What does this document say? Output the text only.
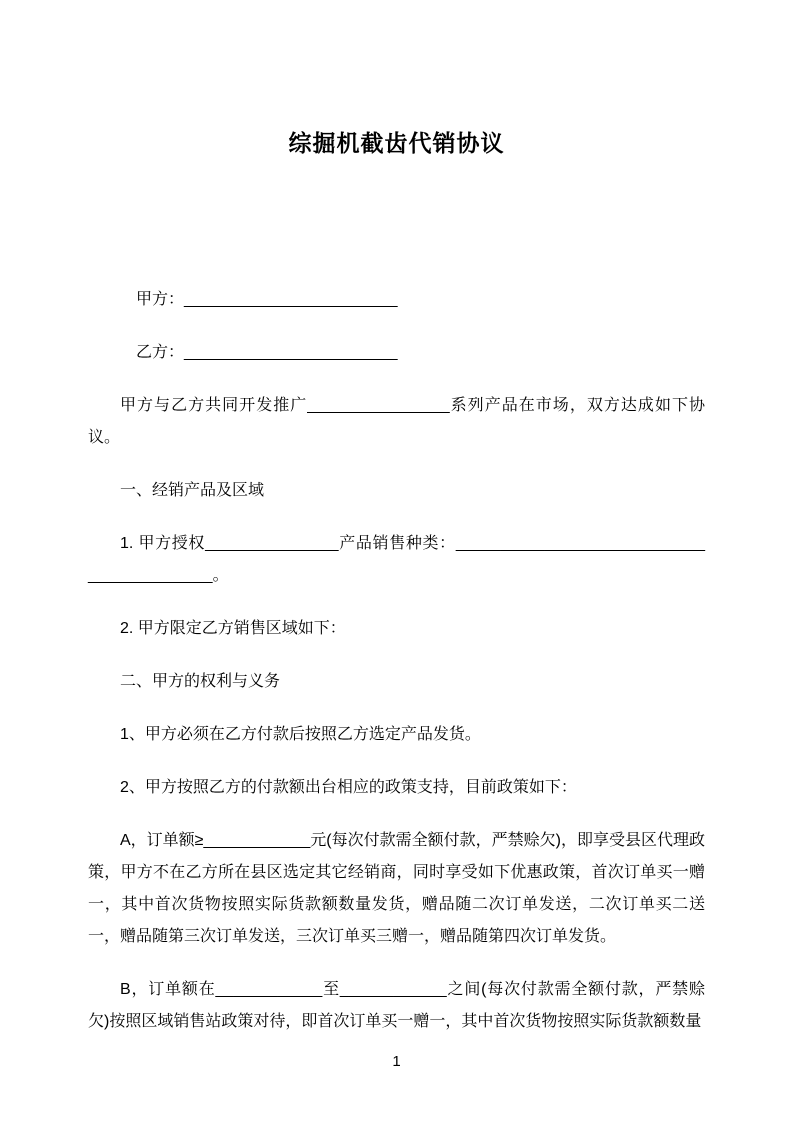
综掘机截齿代销协议

甲方：________________________

乙方：________________________

甲方与乙方共同开发推广________________系列产品在市场，双方达成如下协议。

一、经销产品及区域

1. 甲方授权_______________产品销售种类：__________________________________________。

2. 甲方限定乙方销售区域如下：

二、甲方的权利与义务

1、甲方必须在乙方付款后按照乙方选定产品发货。

2、甲方按照乙方的付款额出台相应的政策支持，目前政策如下：

A，订单额≥____________元(每次付款需全额付款，严禁赊欠)，即享受县区代理政策，甲方不在乙方所在县区选定其它经销商，同时享受如下优惠政策，首次订单买一赠一，其中首次货物按照实际货款额数量发货，赠品随二次订单发送，二次订单买二送一，赠品随第三次订单发送，三次订单买三赠一，赠品随第四次订单发货。

B，订单额在____________至____________之间(每次付款需全额付款，严禁赊欠)按照区域销售站政策对待，即首次订单买一赠一，其中首次货物按照实际货款额数量

1
